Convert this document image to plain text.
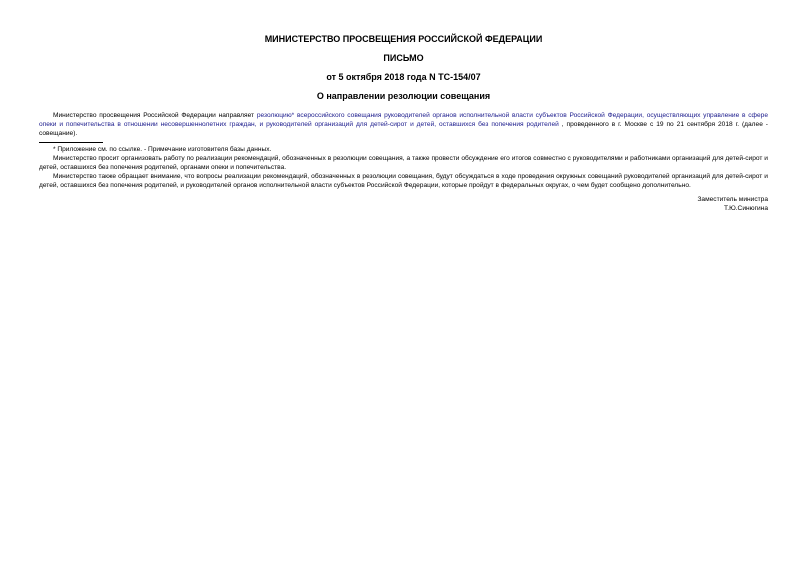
МИНИСТЕРСТВО ПРОСВЕЩЕНИЯ РОССИЙСКОЙ ФЕДЕРАЦИИ

ПИСЬМО

от 5 октября 2018 года N ТС-154/07

О направлении резолюции совещания

Министерство просвещения Российской Федерации направляет резолюцию* всероссийского совещания руководителей органов исполнительной власти субъектов Российской Федерации, осуществляющих управление в сфере опеки и попечительства в отношении несовершеннолетних граждан, и руководителей организаций для детей-сирот и детей, оставшихся без попечения родителей , проведенного в г. Москве с 19 по 21 сентября 2018 г. (далее - совещание).

* Приложение см. по ссылке. - Примечание изготовителя базы данных.

Министерство просит организовать работу по реализации рекомендаций, обозначенных в резолюции совещания, а также провести обсуждение его итогов совместно с руководителями и работниками организаций для детей-сирот и детей, оставшихся без попечения родителей, органами опеки и попечительства.

Министерство также обращает внимание, что вопросы реализации рекомендаций, обозначенных в резолюции совещания, будут обсуждаться в ходе проведения окружных совещаний руководителей организаций для детей-сирот и детей, оставшихся без попечения родителей, и руководителей органов исполнительной власти субъектов Российской Федерации, которые пройдут в федеральных округах, о чем будет сообщено дополнительно.

Заместитель министра
Т.Ю.Синюгина
